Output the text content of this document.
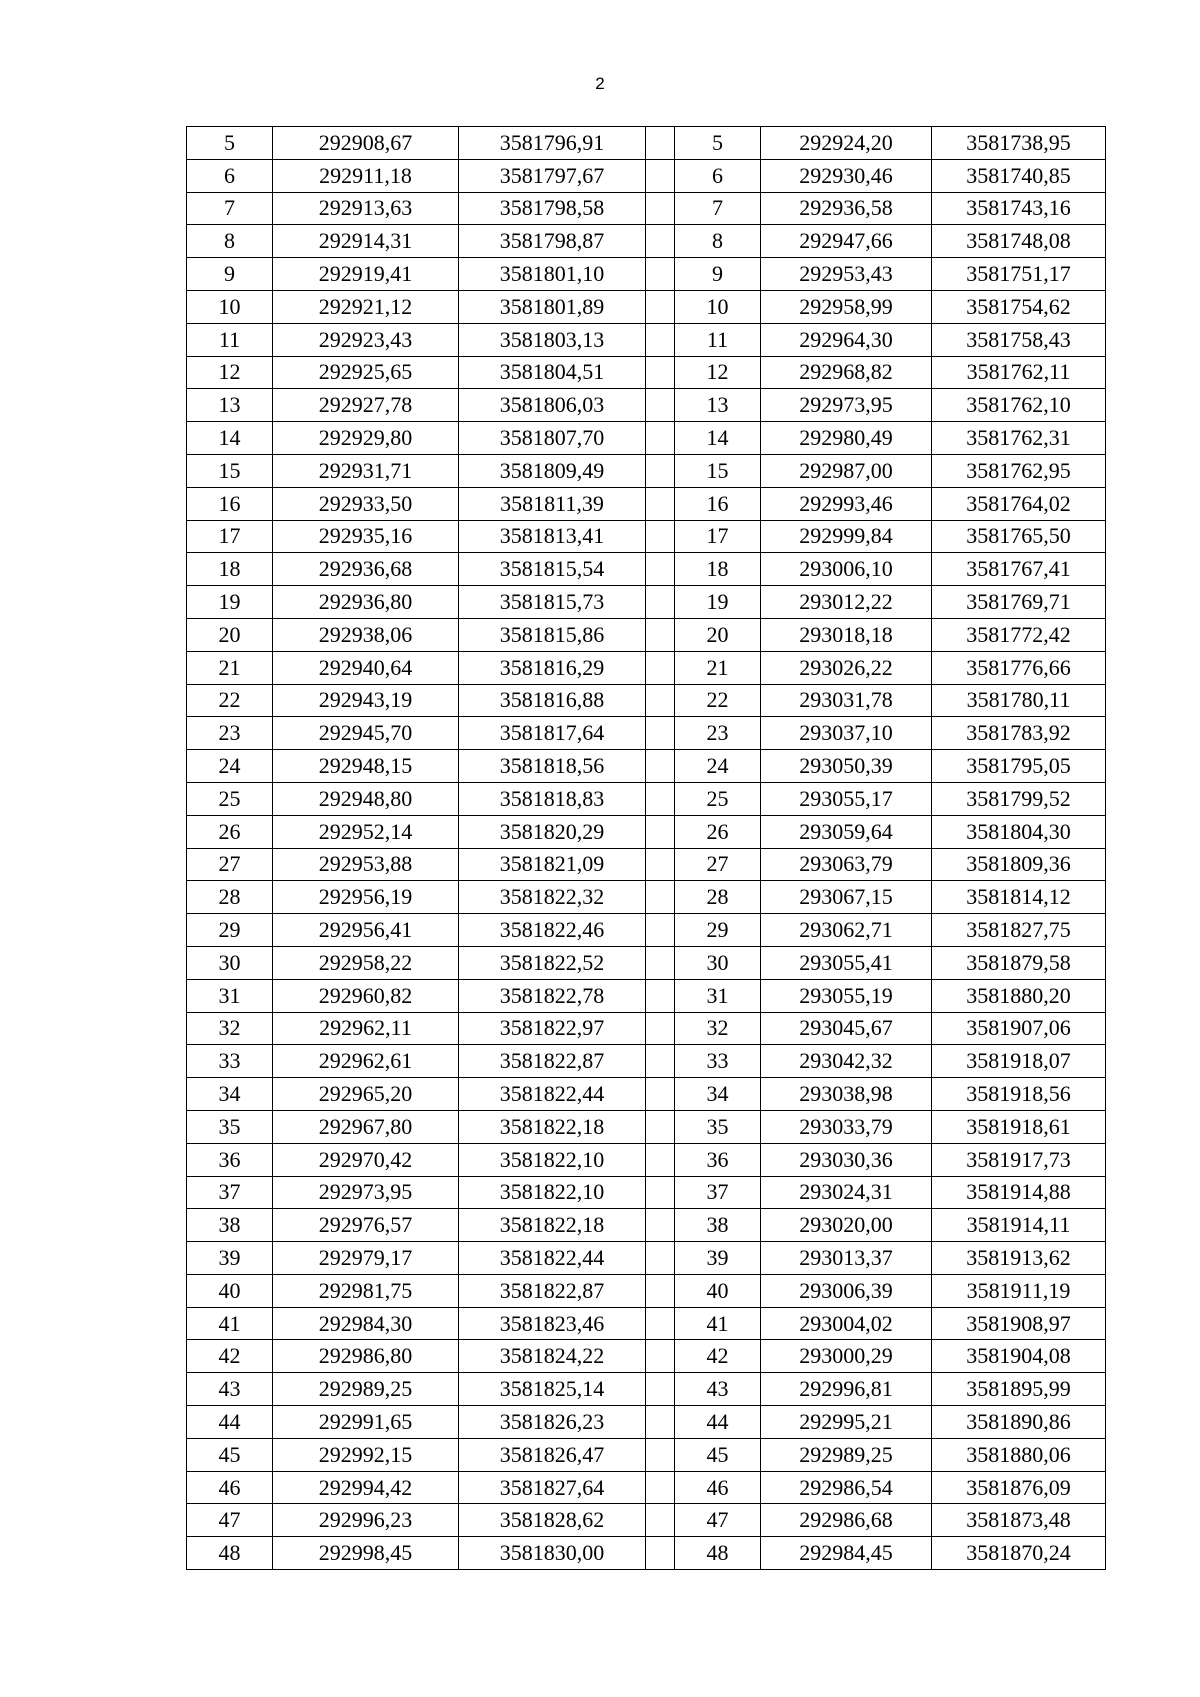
2
5	292908,67	3581796,91		5	292924,20	3581738,95
6	292911,18	3581797,67		6	292930,46	3581740,85
7	292913,63	3581798,58		7	292936,58	3581743,16
8	292914,31	3581798,87		8	292947,66	3581748,08
9	292919,41	3581801,10		9	292953,43	3581751,17
10	292921,12	3581801,89		10	292958,99	3581754,62
11	292923,43	3581803,13		11	292964,30	3581758,43
12	292925,65	3581804,51		12	292968,82	3581762,11
13	292927,78	3581806,03		13	292973,95	3581762,10
14	292929,80	3581807,70		14	292980,49	3581762,31
15	292931,71	3581809,49		15	292987,00	3581762,95
16	292933,50	3581811,39		16	292993,46	3581764,02
17	292935,16	3581813,41		17	292999,84	3581765,50
18	292936,68	3581815,54		18	293006,10	3581767,41
19	292936,80	3581815,73		19	293012,22	3581769,71
20	292938,06	3581815,86		20	293018,18	3581772,42
21	292940,64	3581816,29		21	293026,22	3581776,66
22	292943,19	3581816,88		22	293031,78	3581780,11
23	292945,70	3581817,64		23	293037,10	3581783,92
24	292948,15	3581818,56		24	293050,39	3581795,05
25	292948,80	3581818,83		25	293055,17	3581799,52
26	292952,14	3581820,29		26	293059,64	3581804,30
27	292953,88	3581821,09		27	293063,79	3581809,36
28	292956,19	3581822,32		28	293067,15	3581814,12
29	292956,41	3581822,46		29	293062,71	3581827,75
30	292958,22	3581822,52		30	293055,41	3581879,58
31	292960,82	3581822,78		31	293055,19	3581880,20
32	292962,11	3581822,97		32	293045,67	3581907,06
33	292962,61	3581822,87		33	293042,32	3581918,07
34	292965,20	3581822,44		34	293038,98	3581918,56
35	292967,80	3581822,18		35	293033,79	3581918,61
36	292970,42	3581822,10		36	293030,36	3581917,73
37	292973,95	3581822,10		37	293024,31	3581914,88
38	292976,57	3581822,18		38	293020,00	3581914,11
39	292979,17	3581822,44		39	293013,37	3581913,62
40	292981,75	3581822,87		40	293006,39	3581911,19
41	292984,30	3581823,46		41	293004,02	3581908,97
42	292986,80	3581824,22		42	293000,29	3581904,08
43	292989,25	3581825,14		43	292996,81	3581895,99
44	292991,65	3581826,23		44	292995,21	3581890,86
45	292992,15	3581826,47		45	292989,25	3581880,06
46	292994,42	3581827,64		46	292986,54	3581876,09
47	292996,23	3581828,62		47	292986,68	3581873,48
48	292998,45	3581830,00		48	292984,45	3581870,24
